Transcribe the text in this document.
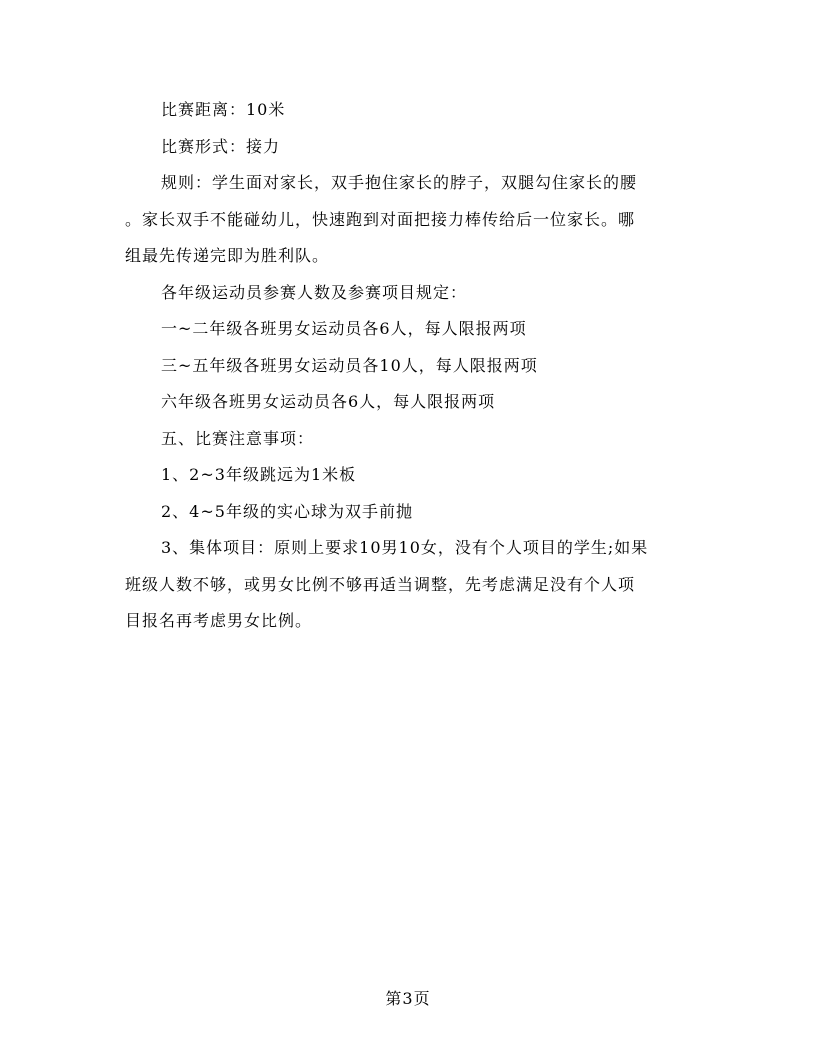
比赛距离：10米

比赛形式：接力

规则：学生面对家长，双手抱住家长的脖子，双腿勾住家长的腰

。家长双手不能碰幼儿，快速跑到对面把接力棒传给后一位家长。哪

组最先传递完即为胜利队。

各年级运动员参赛人数及参赛项目规定：

一~二年级各班男女运动员各6人，每人限报两项

三~五年级各班男女运动员各10人，每人限报两项

六年级各班男女运动员各6人，每人限报两项

五、比赛注意事项：

1、2~3年级跳远为1米板

2、4~5年级的实心球为双手前抛

3、集体项目：原则上要求10男10女，没有个人项目的学生;如果

班级人数不够，或男女比例不够再适当调整，先考虑满足没有个人项

目报名再考虑男女比例。

第3页
